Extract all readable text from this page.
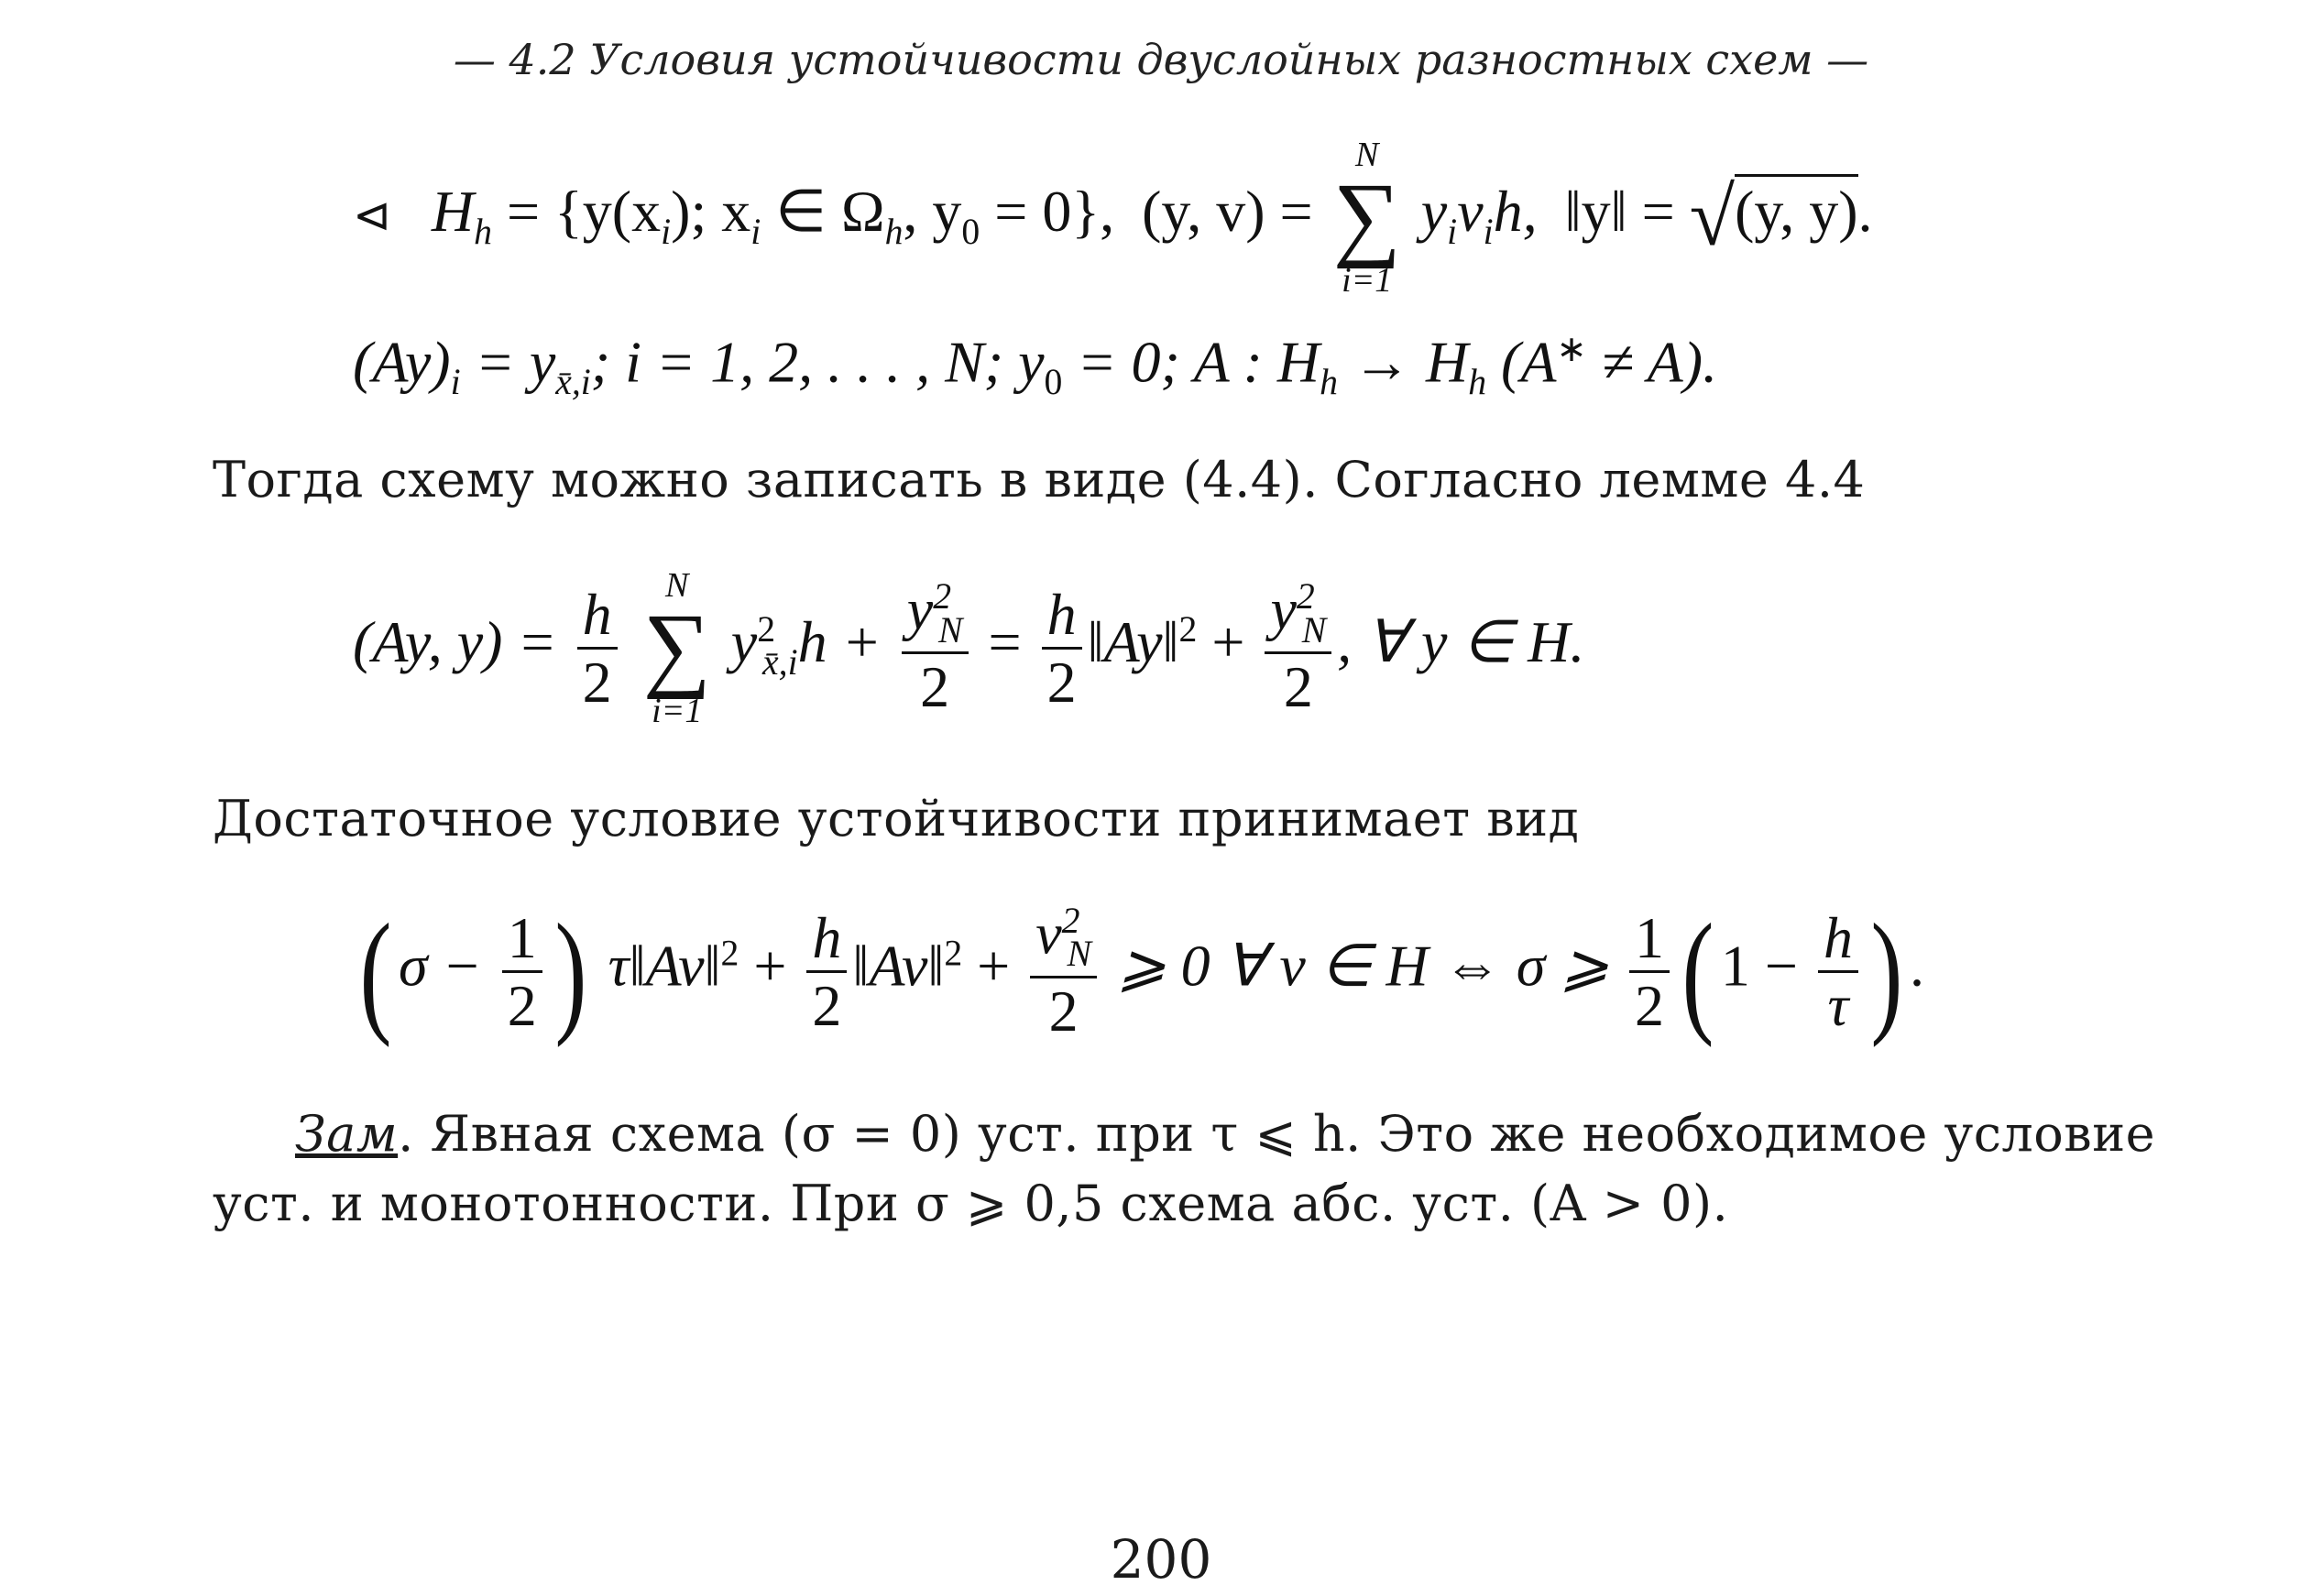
— 4.2 Условия устойчивости двуслойных разностных схем —
⊲ $H_h = \{y(x_i)$; $x_i$ ∈ $\Omega_h$, $y_0 = 0$}, (y, v) =
N
∑
i=1
$y_iv_ih$, ‖y‖ = √(y, y).
$(Ay)_i = y_{x̄,i}$; i = 1, 2, . . . , N; $y_0 = 0$; A : $H_h \to H_h$ (A∗ ≠ A).
Тогда схему можно записать в виде (4.4). Согласно лемме 4.4
(Ay, $y) = \frac{h}{2}$
N
∑
i=1
$y^2_{x̄,i}h + \frac{y^2_N}{2} = \frac{h}{2}$ ‖Ay‖$^2$ + $\frac{y^2_N}{2}$ , ∀ y ∈ H.
Достаточное условие устойчивости принимает вид
( $\sigma - \frac{1}{2}$ ) τ‖Av‖$^2$ + $\frac{h}{2}$ ‖Av‖$^2$ + $\frac{v^2_N}{2}$ ⩾ 0 ∀ v ∈ H ⇔ σ ⩾ $\frac{1}{2}$ ( $1 - \frac{h}{\tau}$ ) .
Зам. Явная схема (σ = 0) уст. при τ ⩽ h. Это же необходимое условие
уст. и монотонности. При σ ⩾ 0,5 схема абс. уст. (A > 0).
200
